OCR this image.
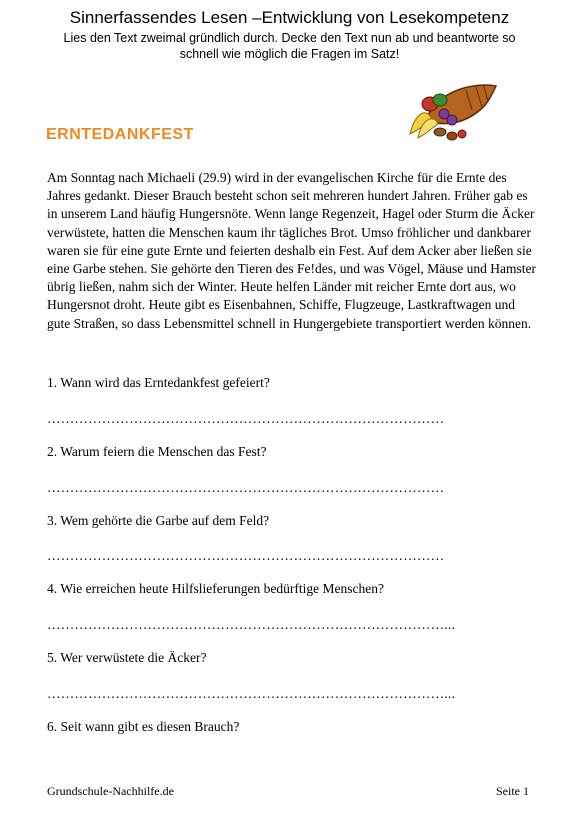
Sinnerfassendes Lesen –Entwicklung von Lesekompetenz
Lies den Text zweimal gründlich durch. Decke den Text nun ab und beantworte so
schnell wie möglich die Fragen im Satz!
ERNTEDANKFEST
Am Sonntag nach Michaeli (29.9) wird in der evangelischen Kirche für die Ernte des Jahres gedankt. Dieser Brauch besteht schon seit mehreren hundert Jahren. Früher gab es in unserem Land häufig Hungersnöte. Wenn lange Regenzeit, Hagel oder Sturm die Äcker verwüstete, hatten die Menschen kaum ihr tägliches Brot. Umso fröhlicher und dankbarer waren sie für eine gute Ernte und feierten deshalb ein Fest. Auf dem Acker aber ließen sie eine Garbe stehen. Sie gehörte den Tieren des Fe!des, und was Vögel, Mäuse und Hamster übrig ließen, nahm sich der Winter. Heute helfen Länder mit reicher Ernte dort aus, wo Hungersnot droht. Heute gibt es Eisenbahnen, Schiffe, Flugzeuge, Lastkraftwagen und gute Straßen, so dass Lebensmittel schnell in Hungergebiete transportiert werden können.
1. Wann wird das Erntedankfest gefeiert?
……………………………………………………………………………
2. Warum feiern die Menschen das Fest?
……………………………………………………………………………
3. Wem gehörte die Garbe auf dem Feld?
……………………………………………………………………………
4. Wie erreichen heute Hilfslieferungen bedürftige Menschen?
……………………………………………………………………………...
5. Wer verwüstete die Äcker?
……………………………………………………………………………...
6. Seit wann gibt es diesen Brauch?
Grundschule-Nachhilfe.de	Seite 1
